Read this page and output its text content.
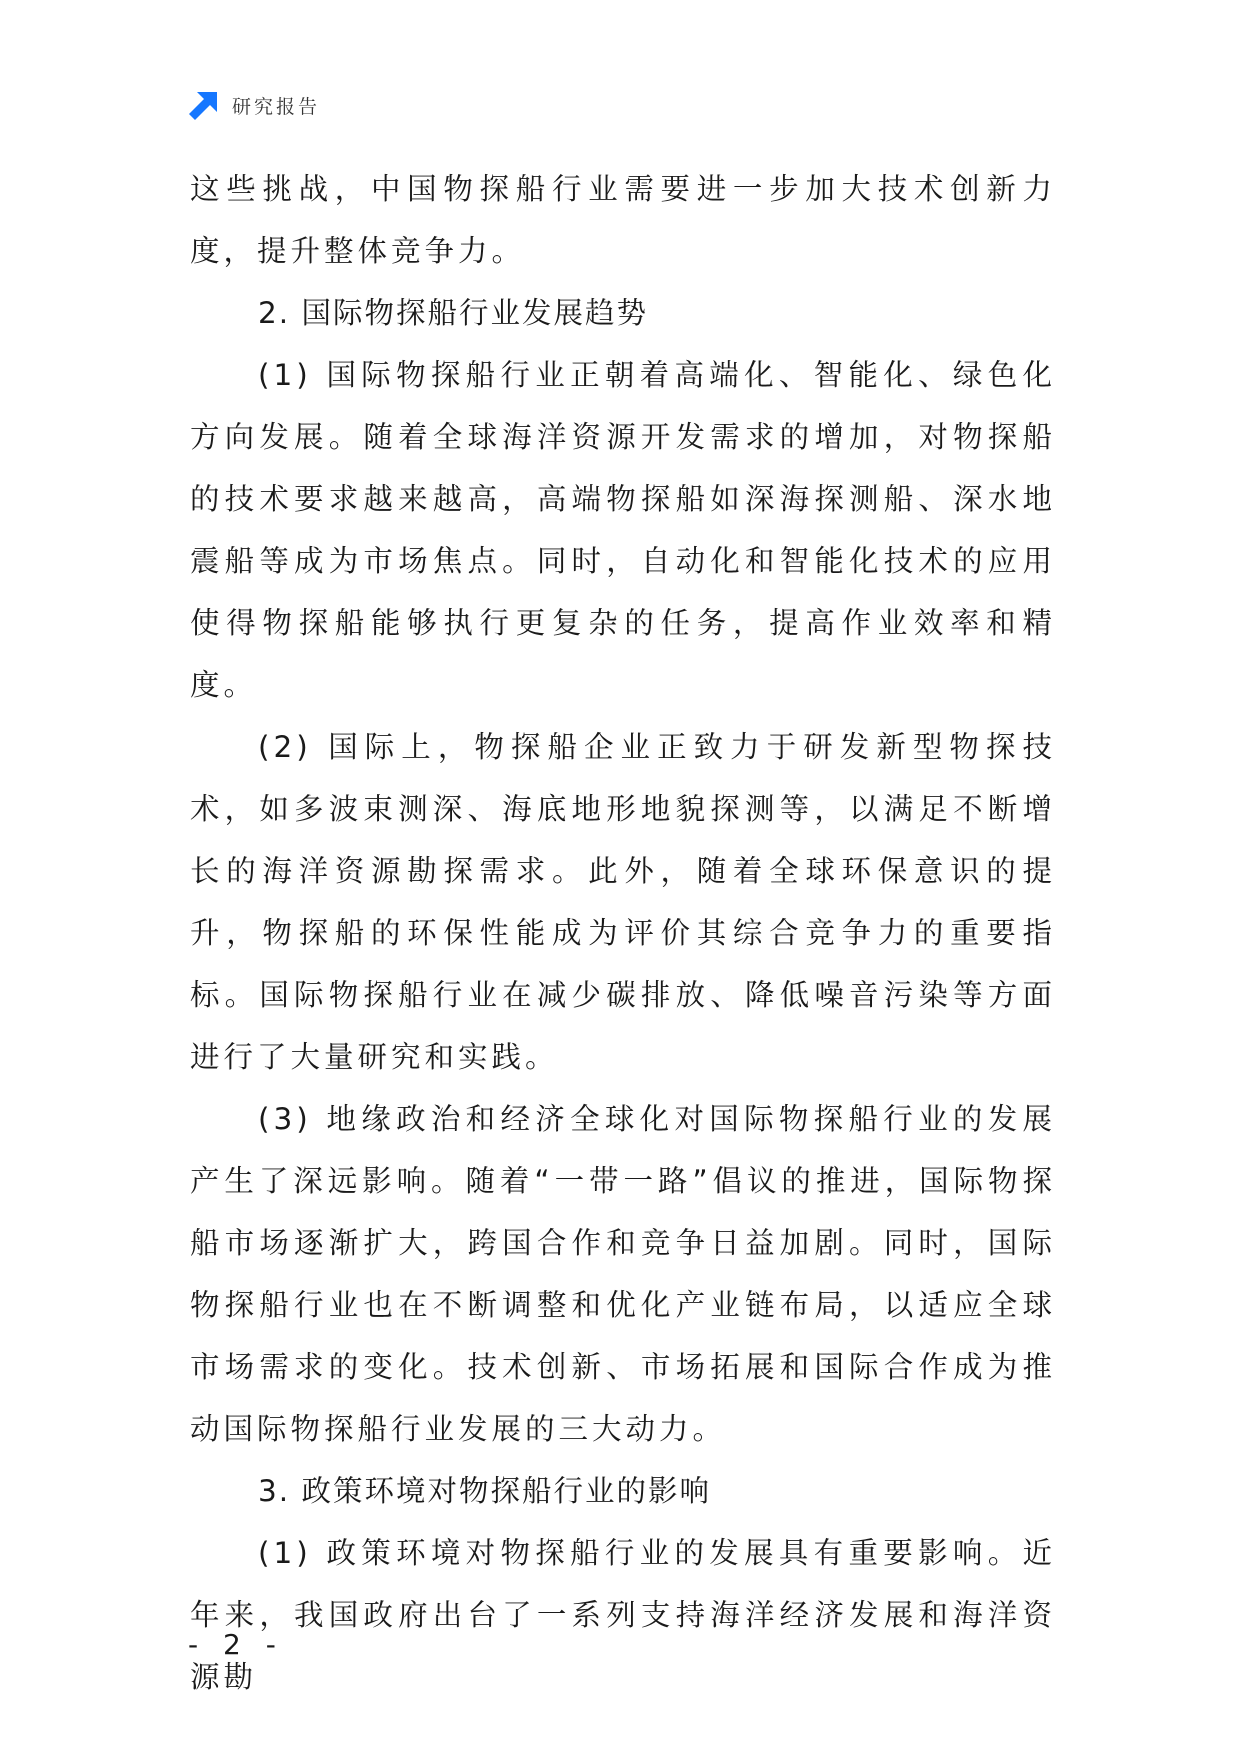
研究报告

这些挑战，中国物探船行业需要进一步加大技术创新力度，提升整体竞争力。

2. 国际物探船行业发展趋势

(1) 国际物探船行业正朝着高端化、智能化、绿色化方向发展。随着全球海洋资源开发需求的增加，对物探船的技术要求越来越高，高端物探船如深海探测船、深水地震船等成为市场焦点。同时，自动化和智能化技术的应用使得物探船能够执行更复杂的任务，提高作业效率和精度。

(2) 国际上，物探船企业正致力于研发新型物探技术，如多波束测深、海底地形地貌探测等，以满足不断增长的海洋资源勘探需求。此外，随着全球环保意识的提升，物探船的环保性能成为评价其综合竞争力的重要指标。国际物探船行业在减少碳排放、降低噪音污染等方面进行了大量研究和实践。

(3) 地缘政治和经济全球化对国际物探船行业的发展产生了深远影响。随着“一带一路”倡议的推进，国际物探船市场逐渐扩大，跨国合作和竞争日益加剧。同时，国际物探船行业也在不断调整和优化产业链布局，以适应全球市场需求的变化。技术创新、市场拓展和国际合作成为推动国际物探船行业发展的三大动力。

3. 政策环境对物探船行业的影响

(1) 政策环境对物探船行业的发展具有重要影响。近年来，我国政府出台了一系列支持海洋经济发展和海洋资源勘

- 2 -
